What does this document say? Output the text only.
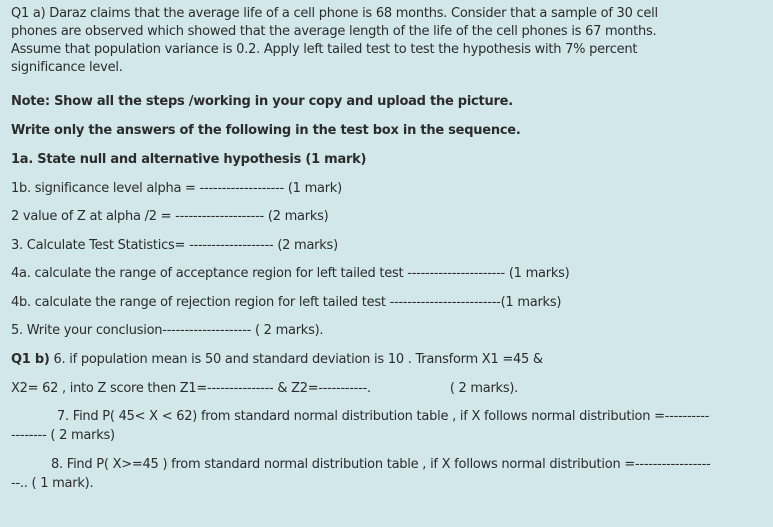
Q1 a) Daraz claims that the average life of a cell phone is 68 months. Consider that a sample of 30 cell

phones are observed which showed that the average length of the life of the cell phones is 67 months.

Assume that population variance is 0.2. Apply left tailed test to test the hypothesis with 7% percent

significance level.

Note: Show all the steps /working in your copy and upload the picture.

Write only the answers of the following in the test box in the sequence.

1a. State null and alternative hypothesis (1 mark)

1b. significance level alpha = ------------------- (1 mark)

2 value of Z at alpha /2 = -------------------- (2 marks)

3. Calculate Test Statistics= ------------------- (2 marks)

4a. calculate the range of acceptance region for left tailed test ---------------------- (1 marks)

4b. calculate the range of rejection region for left tailed test -------------------------(1 marks)

5. Write your conclusion-------------------- ( 2 marks).

Q1 b) 6. if population mean is 50 and standard deviation is 10 . Transform X1 =45 &

X2= 62 , into Z score then Z1=--------------- & Z2=-----------.	( 2 marks).

7. Find P( 45< X < 62) from standard normal distribution table , if X follows normal distribution =----------

-------- ( 2 marks)

8. Find P( X>=45 ) from standard normal distribution table , if X follows normal distribution =-----------------

--.. ( 1 mark).
